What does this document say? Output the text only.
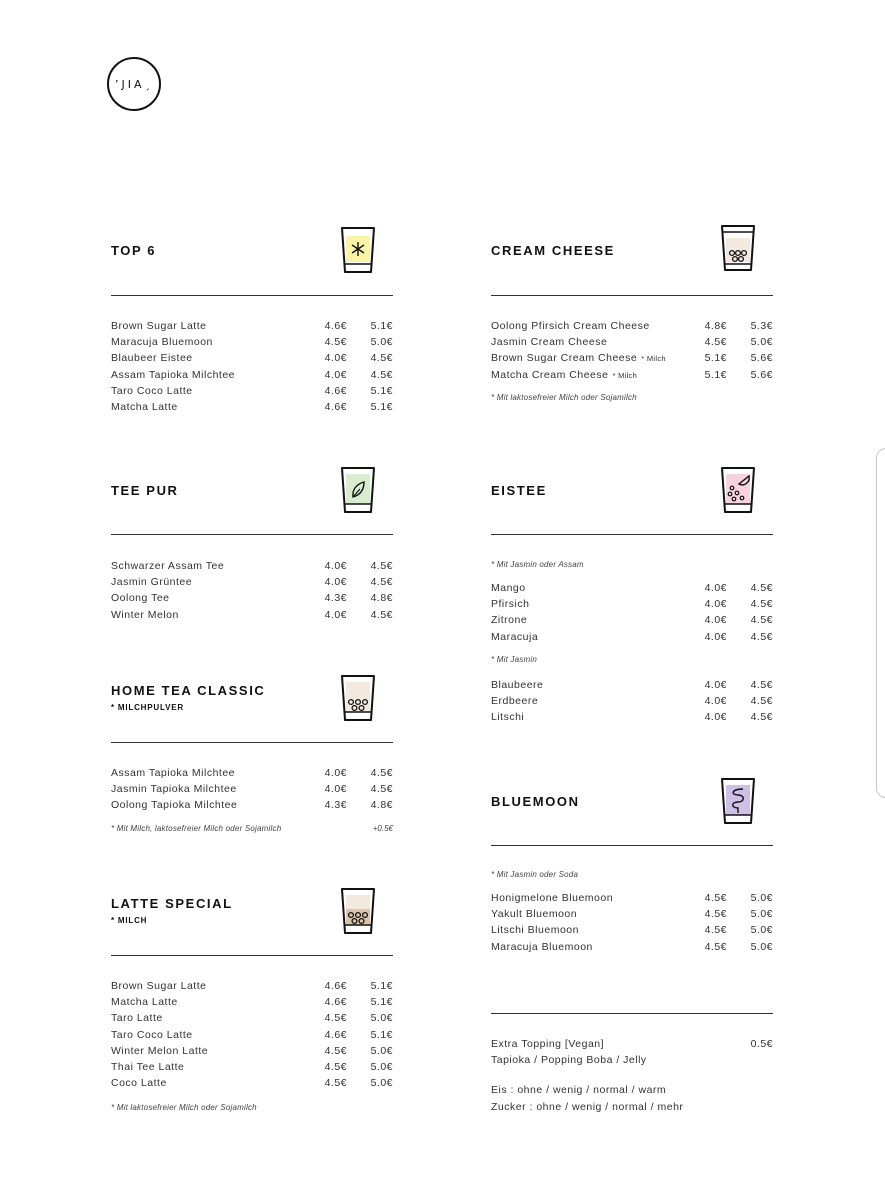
ʼJIAˏ
TOP 6
Brown Sugar Latte	4.6€ 5.1€
Maracuja Bluemoon	4.5€ 5.0€
Blaubeer Eistee	4.0€ 4.5€
Assam Tapioka Milchtee	4.0€ 4.5€
Taro Coco Latte	4.6€ 5.1€
Matcha Latte	4.6€ 5.1€
CREAM CHEESE
Oolong Pfirsich Cream Cheese	4.8€ 5.3€
Jasmin Cream Cheese	4.5€ 5.0€
Brown Sugar Cream Cheese * Milch	5.1€ 5.6€
Matcha Cream Cheese * Milch	5.1€ 5.6€
* Mit laktosefreier Milch oder Sojamilch
TEE PUR
Schwarzer Assam Tee	4.0€ 4.5€
Jasmin Grüntee	4.0€ 4.5€
Oolong Tee	4.3€ 4.8€
Winter Melon	4.0€ 4.5€
EISTEE
* Mit Jasmin oder Assam
Mango	4.0€ 4.5€
Pfirsich	4.0€ 4.5€
Zitrone	4.0€ 4.5€
Maracuja	4.0€ 4.5€
* Mit Jasmin
Blaubeere	4.0€ 4.5€
Erdbeere	4.0€ 4.5€
Litschi	4.0€ 4.5€
HOME TEA CLASSIC
* MILCHPULVER
Assam Tapioka Milchtee	4.0€ 4.5€
Jasmin Tapioka Milchtee	4.0€ 4.5€
Oolong Tapioka Milchtee	4.3€ 4.8€
* Mit Milch, laktosefreier Milch oder Sojamilch	+0.5€
BLUEMOON
* Mit Jasmin oder Soda
Honigmelone Bluemoon	4.5€ 5.0€
Yakult Bluemoon	4.5€ 5.0€
Litschi Bluemoon	4.5€ 5.0€
Maracuja Bluemoon	4.5€ 5.0€
LATTE SPECIAL
* MILCH
Brown Sugar Latte	4.6€ 5.1€
Matcha Latte	4.6€ 5.1€
Taro Latte	4.5€ 5.0€
Taro Coco Latte	4.6€ 5.1€
Winter Melon Latte	4.5€ 5.0€
Thai Tee Latte	4.5€ 5.0€
Coco Latte	4.5€ 5.0€
* Mit laktosefreier Milch oder Sojamilch
Extra Topping [Vegan]	0.5€
Tapioka / Popping Boba / Jelly
Eis : ohne / wenig / normal / warm
Zucker : ohne / wenig / normal / mehr
